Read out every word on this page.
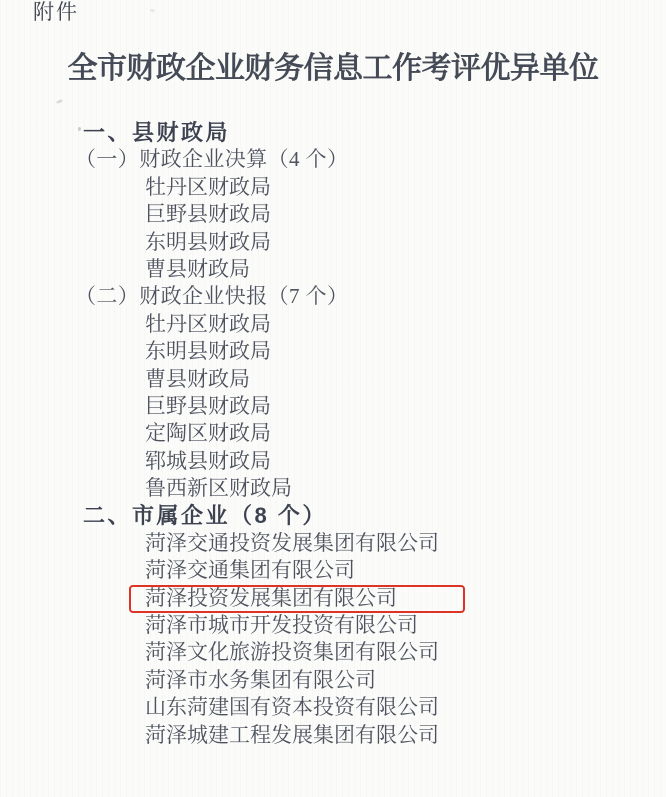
附件
全市财政企业财务信息工作考评优异单位
一、县财政局
（一）财政企业决算（4 个）
牡丹区财政局
巨野县财政局
东明县财政局
曹县财政局
（二）财政企业快报（7 个）
牡丹区财政局
东明县财政局
曹县财政局
巨野县财政局
定陶区财政局
郓城县财政局
鲁西新区财政局
二、市属企业（8 个）
菏泽交通投资发展集团有限公司
菏泽交通集团有限公司
菏泽投资发展集团有限公司
菏泽市城市开发投资有限公司
菏泽文化旅游投资集团有限公司
菏泽市水务集团有限公司
山东菏建国有资本投资有限公司
菏泽城建工程发展集团有限公司
